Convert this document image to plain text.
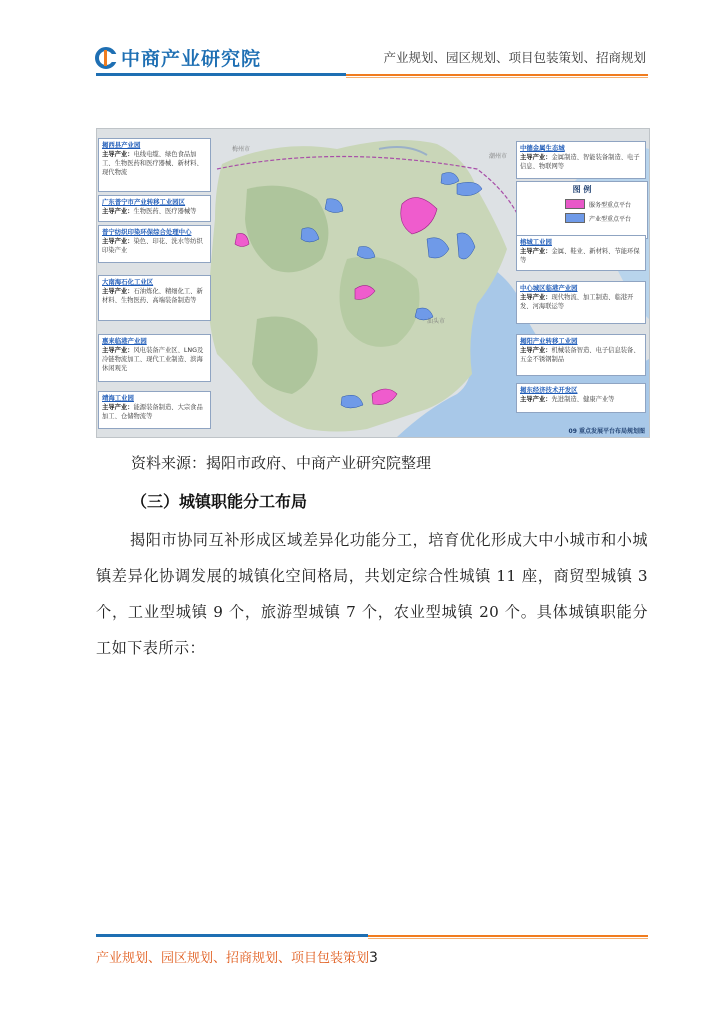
中商产业研究院	产业规划、园区规划、项目包装策划、招商规划
梅州市
潮州市
汕头市
揭西县产业园
主导产业：电线电缆、绿色食品加工、生物医药和医疗器械、新材料、现代物流
广东普宁市产业转移工业园区
主导产业：生物医药、医疗器械等
普宁纺织印染环保综合处理中心
主导产业：染色、印花、洗水等纺织印染产业
大南海石化工业区
主导产业：石油炼化、精细化工、新材料、生物医药、高端装备制造等
惠来临港产业园
主导产业：风电装备产业区、LNG及冷链物流加工、现代工业制造、滨海休闲观光
靖海工业园
主导产业：能源装备制造、大宗食品加工、仓储物流等
中德金属生态城
主导产业：金属制造、智能装备制造、电子信息、物联网等
图 例
服务型重点平台
产业型重点平台
榕城工业园
主导产业：金属、鞋业、新材料、节能环保等
中心城区临港产业园
主导产业：现代物流、加工制造、临港开发、河海联运等
揭阳产业转移工业园
主导产业：机械装备智造、电子信息装备、五金不锈钢制品
揭东经济技术开发区
主导产业：先进制造、健康产业等
09 重点发展平台布局规划图
资料来源：揭阳市政府、中商产业研究院整理
（三）城镇职能分工布局
揭阳市协同互补形成区域差异化功能分工，培育优化形成大中小城市和小城镇差异化协调发展的城镇化空间格局，共划定综合性城镇 11 座，商贸型城镇 3 个，工业型城镇 9 个，旅游型城镇 7 个，农业型城镇 20 个。具体城镇职能分工如下表所示：
产业规划、园区规划、招商规划、项目包装策划3
